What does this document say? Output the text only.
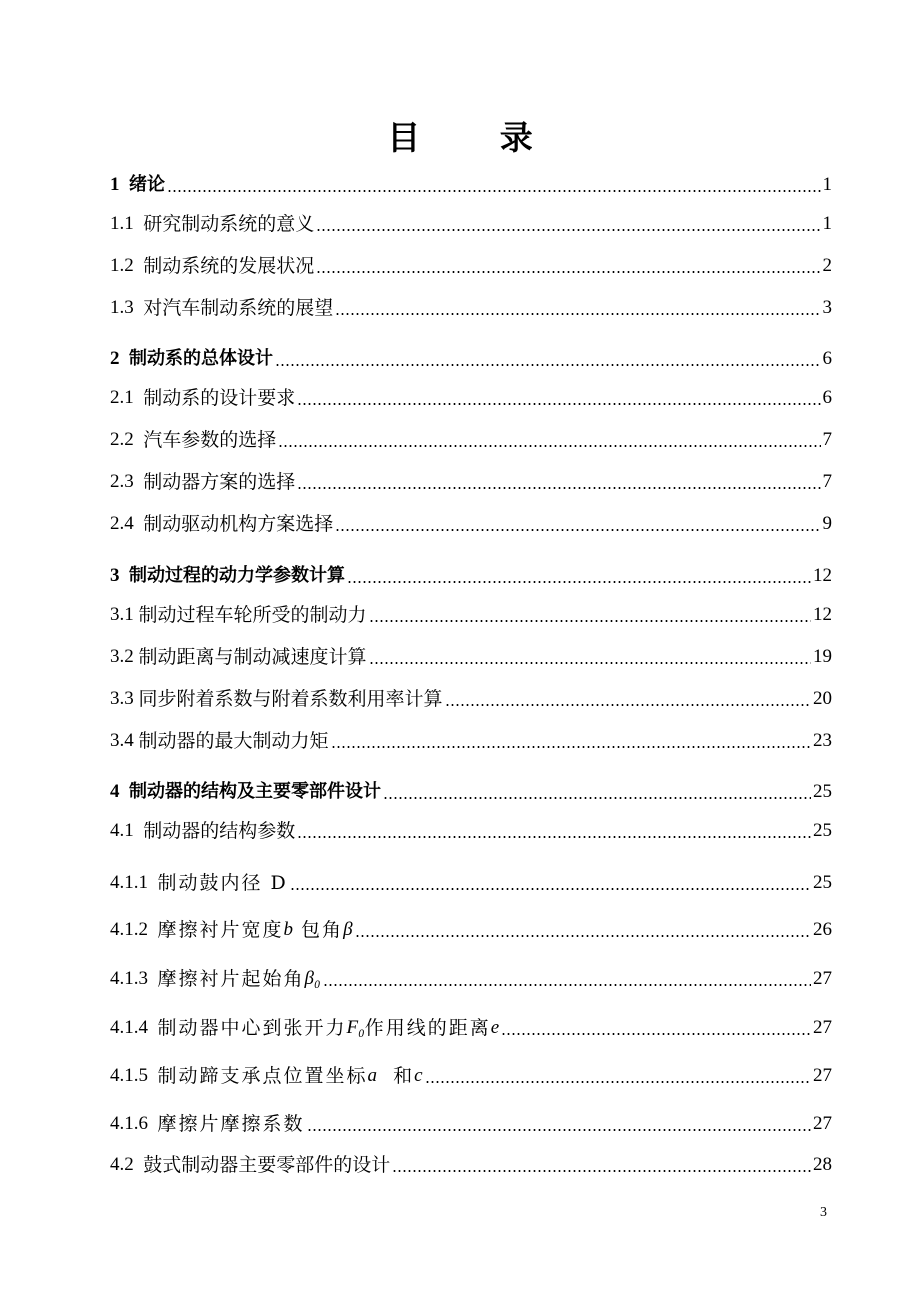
目 录
1 绪论	1
1.1 研究制动系统的意义	1
1.2 制动系统的发展状况	2
1.3 对汽车制动系统的展望	3
2 制动系的总体设计	6
2.1 制动系的设计要求	6
2.2 汽车参数的选择	7
2.3 制动器方案的选择	7
2.4 制动驱动机构方案选择	9
3 制动过程的动力学参数计算	12
3.1 制动过程车轮所受的制动力	12
3.2 制动距离与制动减速度计算	19
3.3 同步附着系数与附着系数利用率计算	20
3.4 制动器的最大制动力矩	23
4 制动器的结构及主要零部件设计	25
4.1 制动器的结构参数	25
4.1.1 制动鼓内径 D	25
4.1.2 摩擦衬片宽度 b 包角 β	26
4.1.3 摩擦衬片起始角 β₀	27
4.1.4 制动器中心到张开力 F₀ 作用线的距离 e	27
4.1.5 制动蹄支承点位置坐标 a 和 c	27
4.1.6 摩擦片摩擦系数	27
4.2 鼓式制动器主要零部件的设计	28
3
